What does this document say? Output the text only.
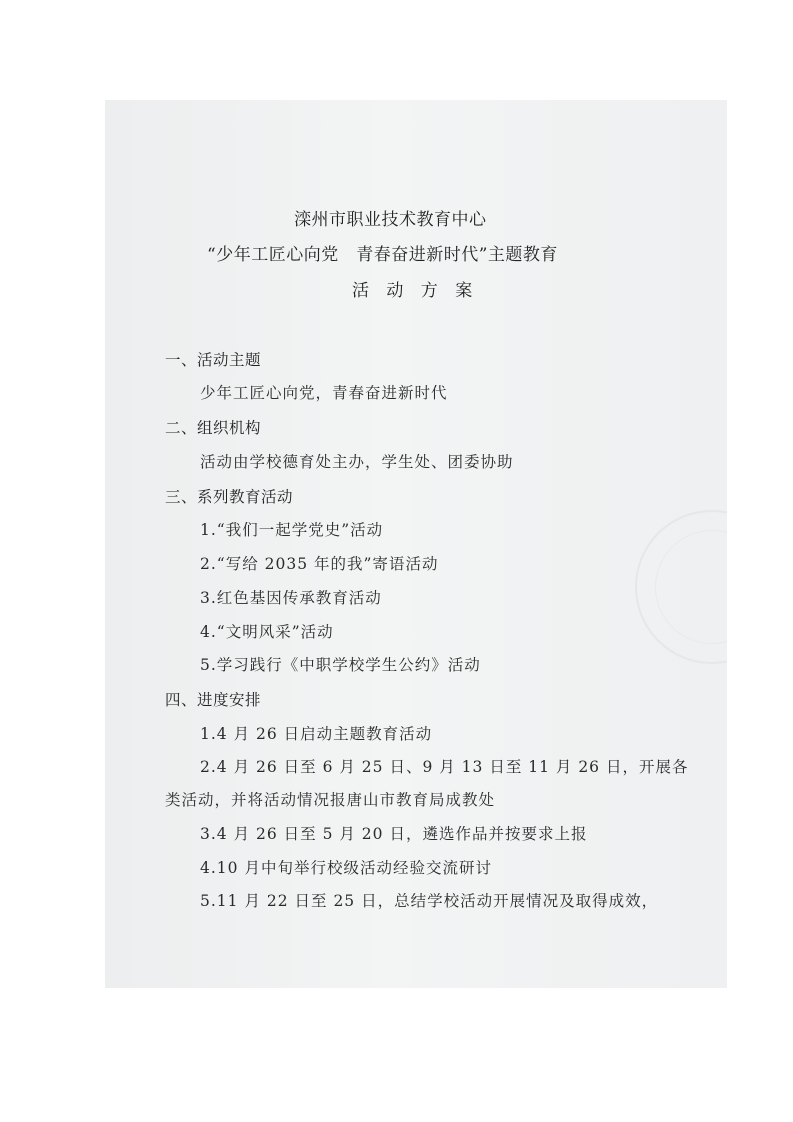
滦州市职业技术教育中心
“少年工匠心向党　青春奋进新时代”主题教育
活 动 方 案
一、活动主题
少年工匠心向党，青春奋进新时代
二、组织机构
活动由学校德育处主办，学生处、团委协助
三、系列教育活动
1.“我们一起学党史”活动
2.“写给 2035 年的我”寄语活动
3.红色基因传承教育活动
4.“文明风采”活动
5.学习践行《中职学校学生公约》活动
四、进度安排
1.4 月 26 日启动主题教育活动
2.4 月 26 日至 6 月 25 日、9 月 13 日至 11 月 26 日，开展各
类活动，并将活动情况报唐山市教育局成教处
3.4 月 26 日至 5 月 20 日，遴选作品并按要求上报
4.10 月中旬举行校级活动经验交流研讨
5.11 月 22 日至 25 日，总结学校活动开展情况及取得成效，
